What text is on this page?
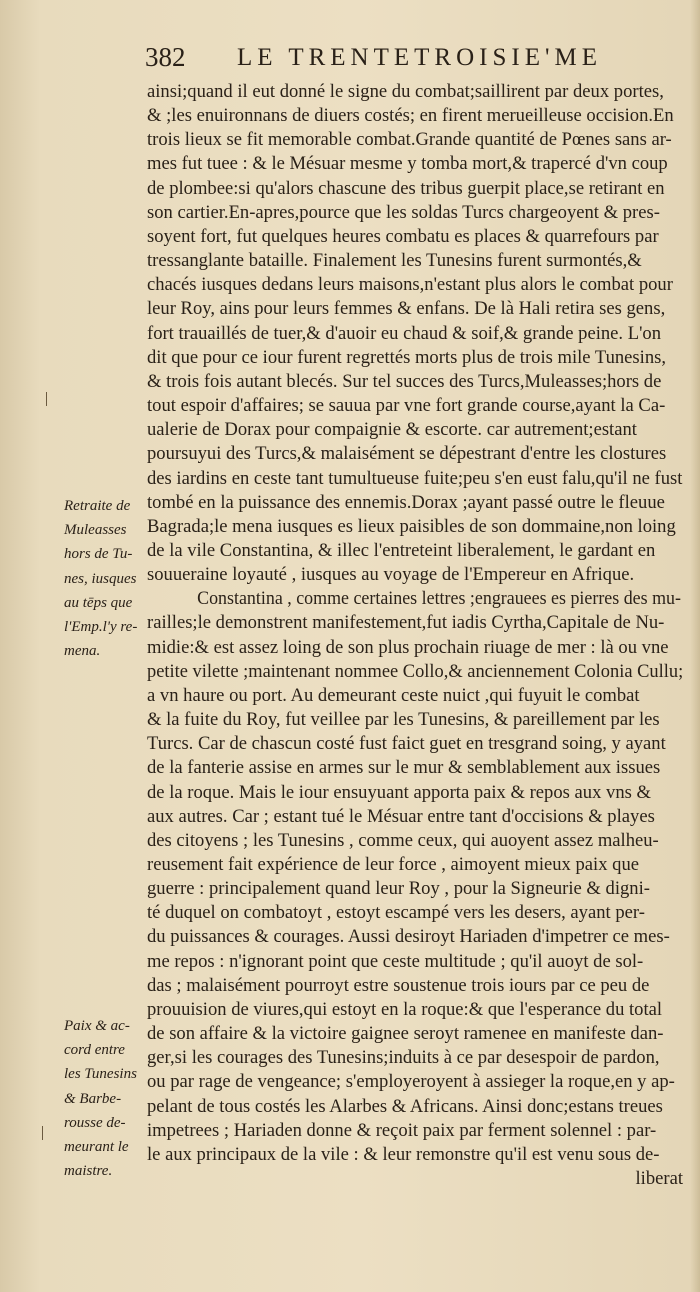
382 LE TRENTETROISIE'ME
Retraite de
Muleasses
hors de Tu-
nes, iusques
au tēps que
l'Emp.l'y re-
mena.
Paix & ac-
cord entre
les Tunesins
& Barbe-
rousse de-
meurant le
maistre.
ainsi;quand il eut donné le signe du combat;saillirent par deux portes,
& ;les enuironnans de diuers costés; en firent merueilleuse occision.En
trois lieux se fit memorable combat.Grande quantité de Pœnes sans ar-
mes fut tuee : & le Mésuar mesme y tomba mort,& trapercé d'vn coup
de plombee:si qu'alors chascune des tribus guerpit place,se retirant en
son cartier.En-apres,pource que les soldas Turcs chargeoyent & pres-
soyent fort, fut quelques heures combatu es places & quarrefours par
tressanglante bataille. Finalement les Tunesins furent surmontés,&
chacés iusques dedans leurs maisons,n'estant plus alors le combat pour
leur Roy, ains pour leurs femmes & enfans. De là Hali retira ses gens,
fort trauaillés de tuer,& d'auoir eu chaud & soif,& grande peine. L'on
dit que pour ce iour furent regrettés morts plus de trois mile Tunesins,
& trois fois autant blecés. Sur tel succes des Turcs,Muleasses;hors de
tout espoir d'affaires; se sauua par vne fort grande course,ayant la Ca-
ualerie de Dorax pour compaignie & escorte. car autrement;estant
poursuyui des Turcs,& malaisément se dépestrant d'entre les clostures
des iardins en ceste tant tumultueuse fuite;peu s'en eust falu,qu'il ne fust
tombé en la puissance des ennemis.Dorax ;ayant passé outre le fleuue
Bagrada;le mena iusques es lieux paisibles de son dommaine,non loing
de la vile Constantina, & illec l'entreteint liberalement, le gardant en
souueraine loyauté , iusques au voyage de l'Empereur en Afrique.
Constantina , comme certaines lettres ;engrauees es pierres des mu-
railles;le demonstrent manifestement,fut iadis Cyrtha,Capitale de Nu-
midie:& est assez loing de son plus prochain riuage de mer : là ou vne
petite vilette ;maintenant nommee Collo,& anciennement Colonia Cullu;
a vn haure ou port. Au demeurant ceste nuict ,qui fuyuit le combat
& la fuite du Roy, fut veillee par les Tunesins, & pareillement par les
Turcs. Car de chascun costé fust faict guet en tresgrand soing, y ayant
de la fanterie assise en armes sur le mur & semblablement aux issues
de la roque. Mais le iour ensuyuant apporta paix & repos aux vns &
aux autres. Car ; estant tué le Mésuar entre tant d'occisions & playes
des citoyens ; les Tunesins , comme ceux, qui auoyent assez malheu-
reusement fait expérience de leur force , aimoyent mieux paix que
guerre : principalement quand leur Roy , pour la Signeurie & digni-
té duquel on combatoyt , estoyt escampé vers les desers, ayant per-
du puissances & courages. Aussi desiroyt Hariaden d'impetrer ce mes-
me repos : n'ignorant point que ceste multitude ; qu'il auoyt de sol-
das ; malaisément pourroyt estre soustenue trois iours par ce peu de
prouuision de viures,qui estoyt en la roque:& que l'esperance du total
de son affaire & la victoire gaignee seroyt ramenee en manifeste dan-
ger,si les courages des Tunesins;induits à ce par desespoir de pardon,
ou par rage de vengeance; s'employeroyent à assieger la roque,en y ap-
pelant de tous costés les Alarbes & Africans. Ainsi donc;estans treues
impetrees ; Hariaden donne & reçoit paix par ferment solennel : par-
le aux principaux de la vile : & leur remonstre qu'il est venu sous de-
liberat
